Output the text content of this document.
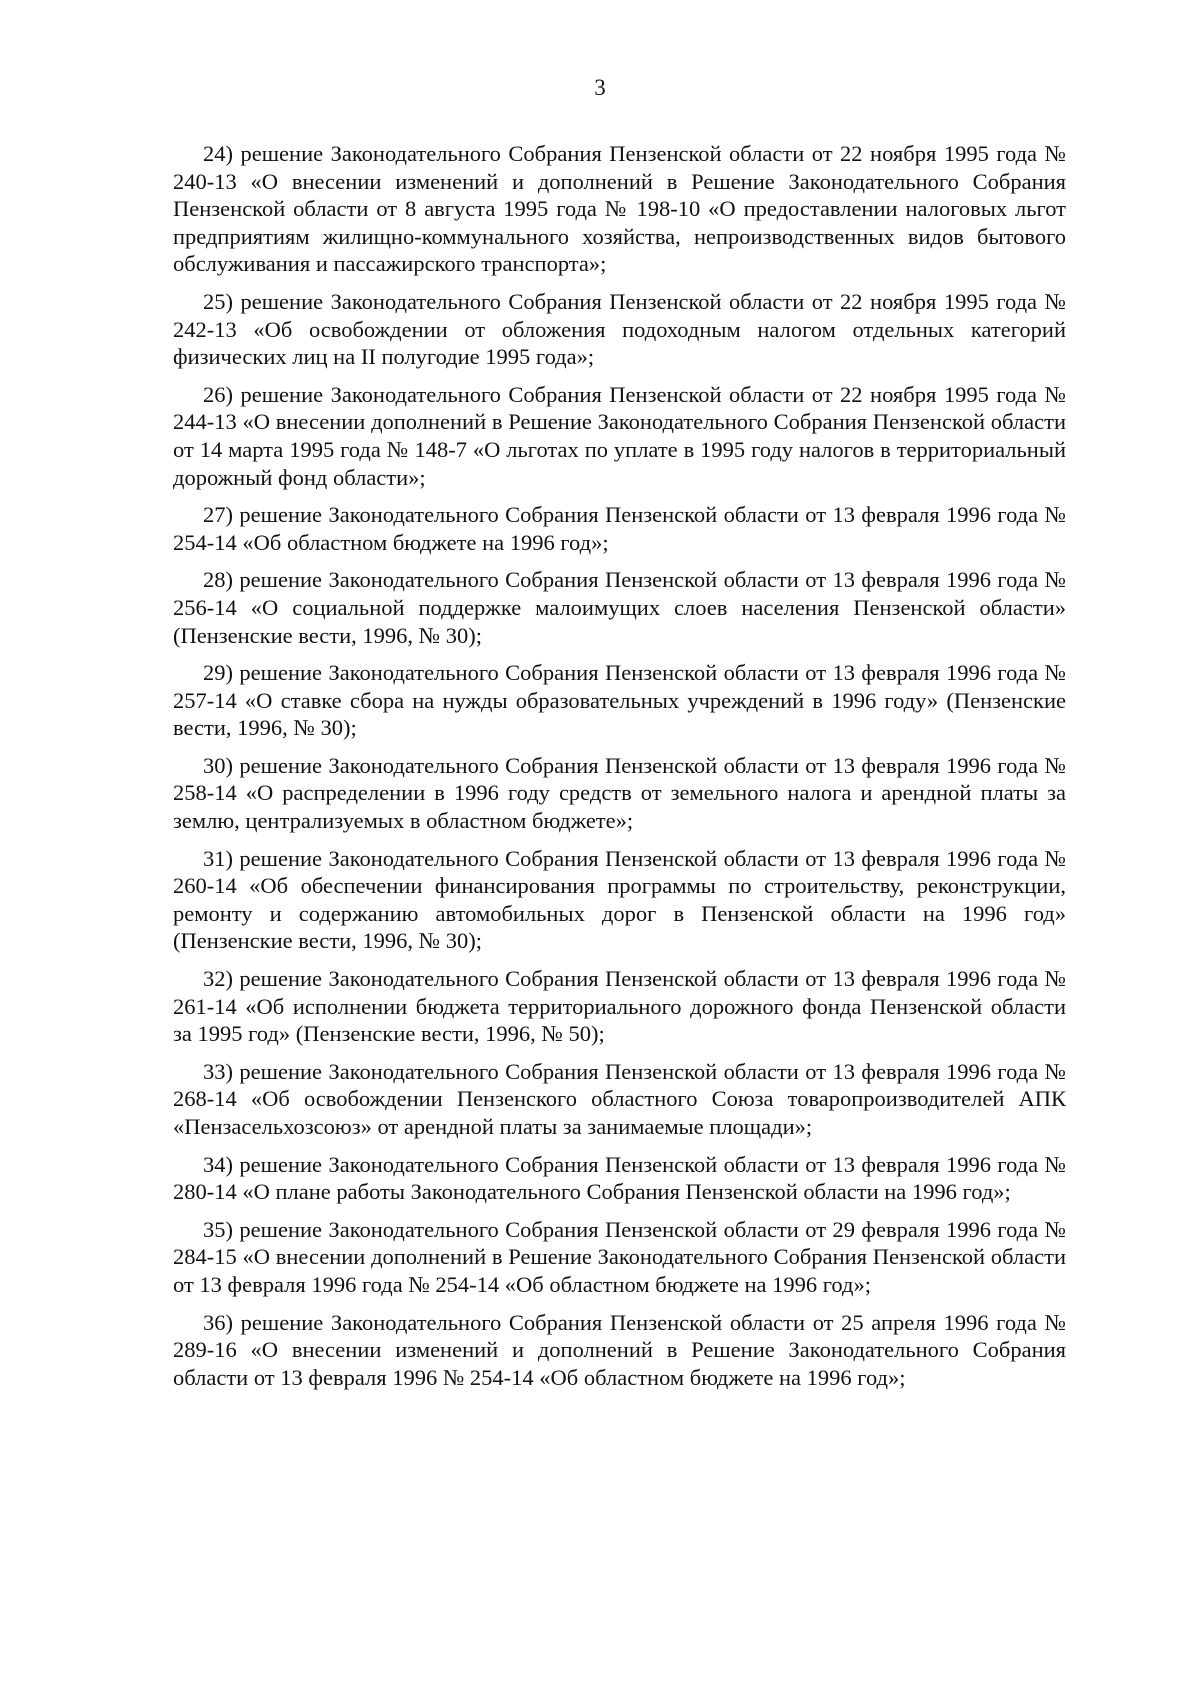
3

24) решение Законодательного Собрания Пензенской области от 22 ноября 1995 года № 240-13 «О внесении изменений и дополнений в Решение Законодательного Собрания Пензенской области от 8 августа 1995 года № 198-10 «О предоставлении налоговых льгот предприятиям жилищно-коммунального хозяйства, непроизводственных видов бытового обслуживания и пассажирского транспорта»;

25) решение Законодательного Собрания Пензенской области от 22 ноября 1995 года № 242-13 «Об освобождении от обложения подоходным налогом отдельных категорий физических лиц на II полугодие 1995 года»;

26) решение Законодательного Собрания Пензенской области от 22 ноября 1995 года № 244-13 «О внесении дополнений в Решение Законодательного Собрания Пензенской области от 14 марта 1995 года № 148-7 «О льготах по уплате в 1995 году налогов в территориальный дорожный фонд области»;

27) решение Законодательного Собрания Пензенской области от 13 февраля 1996 года № 254-14 «Об областном бюджете на 1996 год»;

28) решение Законодательного Собрания Пензенской области от 13 февраля 1996 года № 256-14 «О социальной поддержке малоимущих слоев населения Пензенской области» (Пензенские вести, 1996, № 30);

29) решение Законодательного Собрания Пензенской области от 13 февраля 1996 года № 257-14 «О ставке сбора на нужды образовательных учреждений в 1996 году» (Пензенские вести, 1996, № 30);

30) решение Законодательного Собрания Пензенской области от 13 февраля 1996 года № 258-14 «О распределении в 1996 году средств от земельного налога и арендной платы за землю, централизуемых в областном бюджете»;

31) решение Законодательного Собрания Пензенской области от 13 февраля 1996 года № 260-14 «Об обеспечении финансирования программы по строительству, реконструкции, ремонту и содержанию автомобильных дорог в Пензенской области на 1996 год» (Пензенские вести, 1996, № 30);

32) решение Законодательного Собрания Пензенской области от 13 февраля 1996 года № 261-14 «Об исполнении бюджета территориального дорожного фонда Пензенской области за 1995 год» (Пензенские вести, 1996, № 50);

33) решение Законодательного Собрания Пензенской области от 13 февраля 1996 года № 268-14 «Об освобождении Пензенского областного Союза товаропроизводителей АПК «Пензасельхозсоюз» от арендной платы за занимаемые площади»;

34) решение Законодательного Собрания Пензенской области от 13 февраля 1996 года № 280-14 «О плане работы Законодательного Собрания Пензенской области на 1996 год»;

35) решение Законодательного Собрания Пензенской области от 29 февраля 1996 года № 284-15 «О внесении дополнений в Решение Законодательного Собрания Пензенской области от 13 февраля 1996 года № 254-14 «Об областном бюджете на 1996 год»;

36) решение Законодательного Собрания Пензенской области от 25 апреля 1996 года № 289-16 «О внесении изменений и дополнений в Решение Законодательного Собрания области от 13 февраля 1996 № 254-14 «Об областном бюджете на 1996 год»;
